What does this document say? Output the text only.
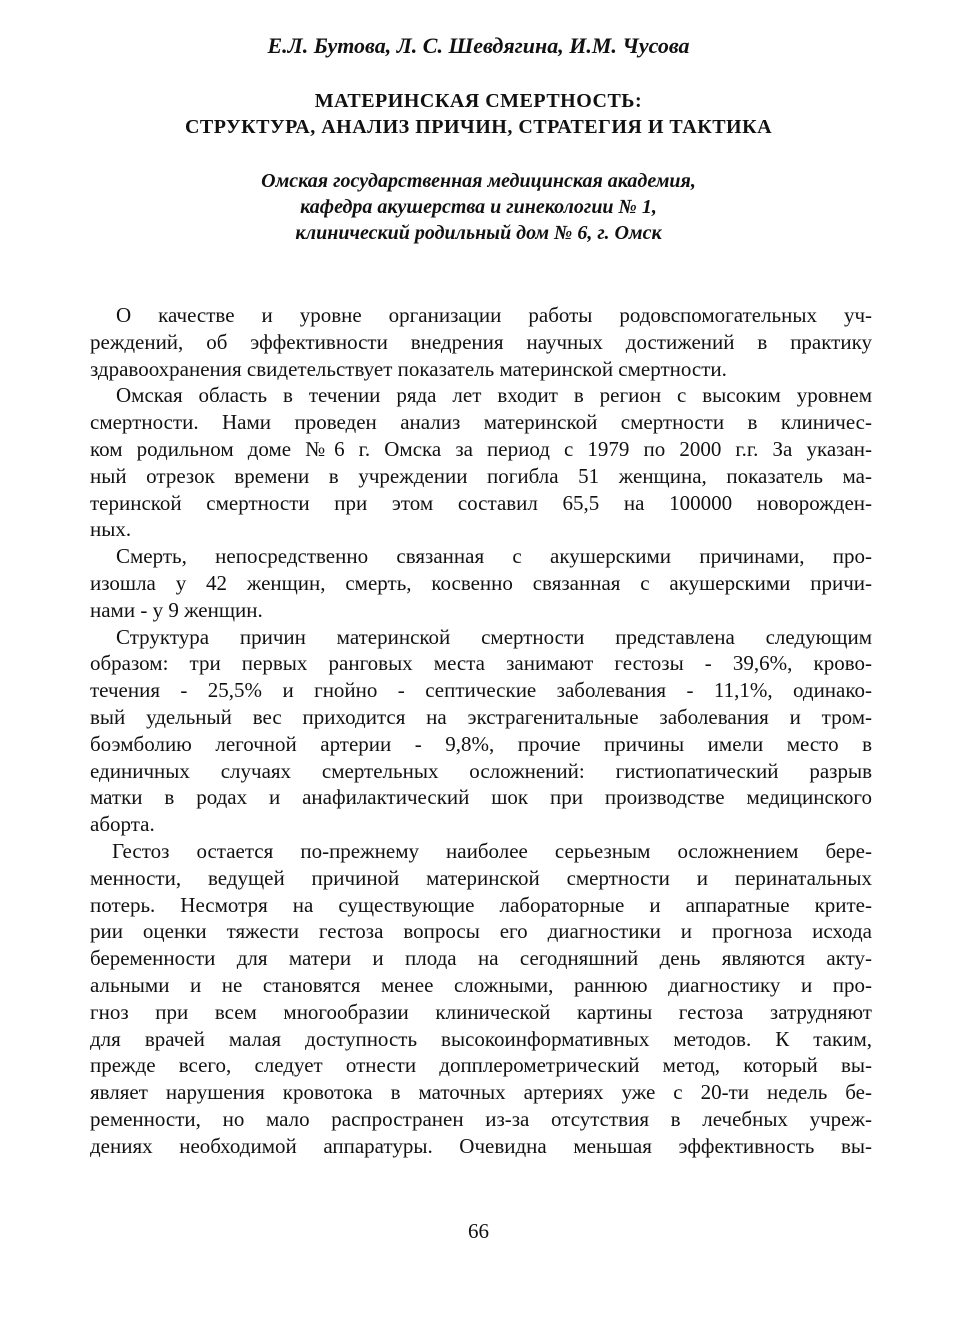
Е.Л. Бутова, Л. С. Шевдягина, И.М. Чусова
МАТЕРИНСКАЯ СМЕРТНОСТЬ:
СТРУКТУРА, АНАЛИЗ ПРИЧИН, СТРАТЕГИЯ И ТАКТИКА
Омская государственная медицинская академия,
кафедра акушерства и гинекологии № 1,
клинический родильный дом № 6, г. Омск
О качестве и уровне организации работы родовспомогательных уч-
реждений, об эффективности внедрения научных достижений в практику
здравоохранения свидетельствует показатель материнской смертности.
Омская область в течении ряда лет входит в регион с высоким уровнем
смертности. Нами проведен анализ материнской смертности в клиничес-
ком родильном доме №6 г. Омска за период с 1979 по 2000 г.г. За указан-
ный отрезок времени в учреждении погибла 51 женщина, показатель ма-
теринской смертности при этом составил 65,5 на 100000 новорожден-
ных.
Смерть, непосредственно связанная с акушерскими причинами, про-
изошла у 42 женщин, смерть, косвенно связанная с акушерскими причи-
нами - у 9 женщин.
Структура причин материнской смертности представлена следующим
образом: три первых ранговых места занимают гестозы - 39,6%, крово-
течения - 25,5% и гнойно - септические заболевания - 11,1%, одинако-
вый удельный вес приходится на экстрагенитальные заболевания и тром-
боэмболию легочной артерии - 9,8%, прочие причины имели место в
единичных случаях смертельных осложнений: гистиопатический разрыв
матки в родах и анафилактический шок при производстве медицинского
аборта.
Гестоз остается по-прежнему наиболее серьезным осложнением бере-
менности, ведущей причиной материнской смертности и перинатальных
потерь. Несмотря на существующие лабораторные и аппаратные крите-
рии оценки тяжести гестоза вопросы его диагностики и прогноза исхода
беременности для матери и плода на сегодняшний день являются акту-
альными и не становятся менее сложными, раннюю диагностику и про-
гноз при всем многообразии клинической картины гестоза затрудняют
для врачей малая доступность высокоинформативных методов. К таким,
прежде всего, следует отнести допплерометрический метод, который вы-
являет нарушения кровотока в маточных артериях уже с 20-ти недель бе-
ременности, но мало распространен из-за отсутствия в лечебных учреж-
дениях необходимой аппаратуры. Очевидна меньшая эффективность вы-
66
